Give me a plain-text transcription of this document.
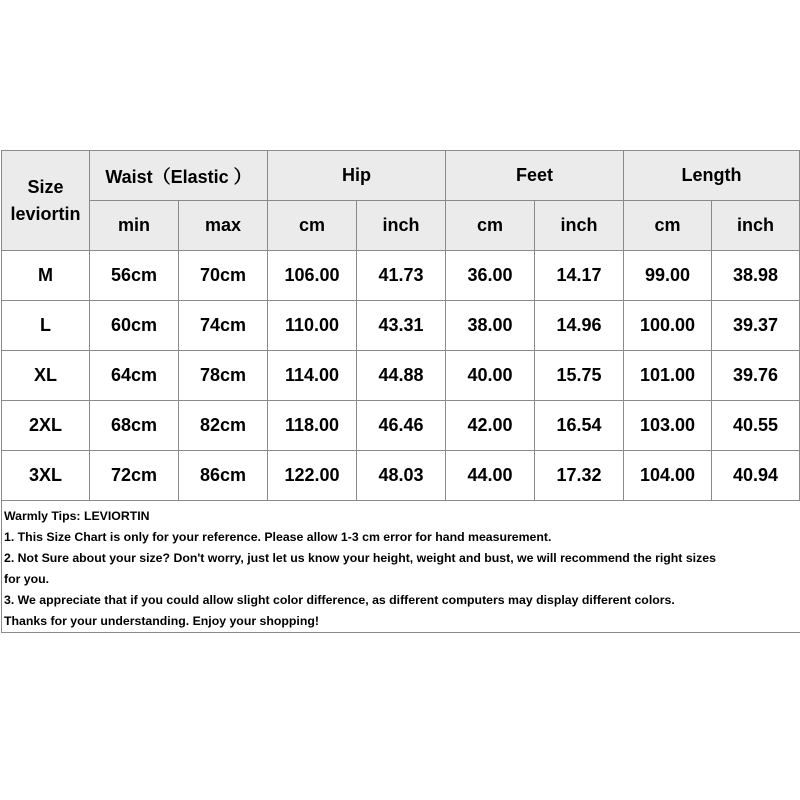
Size
leviortin	Waist（Elastic ）		Hip		Feet		Length	
	min	max	cm	inch	cm	inch	cm	inch
M	56cm	70cm	106.00	41.73	36.00	14.17	99.00	38.98
L	60cm	74cm	110.00	43.31	38.00	14.96	100.00	39.37
XL	64cm	78cm	114.00	44.88	40.00	15.75	101.00	39.76
2XL	68cm	82cm	118.00	46.46	42.00	16.54	103.00	40.55
3XL	72cm	86cm	122.00	48.03	44.00	17.32	104.00	40.94
Warmly Tips: LEVIORTIN
1. This Size Chart is only for your reference. Please allow 1-3 cm error for hand measurement.
2. Not Sure about your size? Don't worry, just let us know your height, weight and bust, we will recommend the right sizes
for you.
3. We appreciate that if you could allow slight color difference, as different computers may display different colors.
Thanks for your understanding. Enjoy your shopping!
